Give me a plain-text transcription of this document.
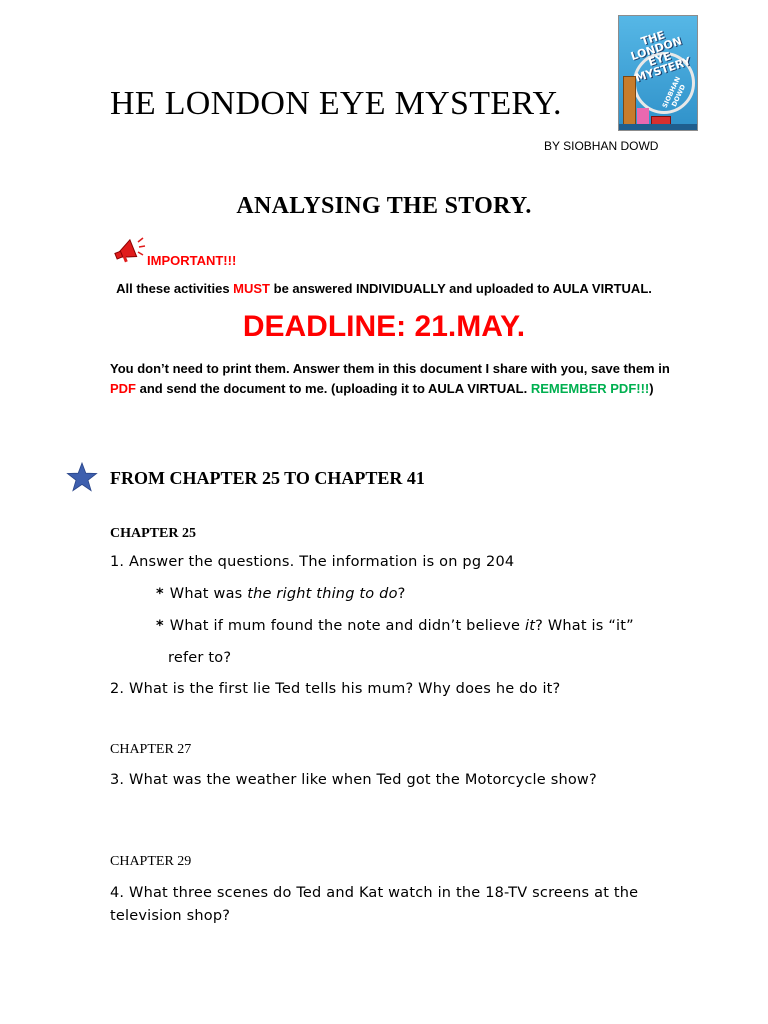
THE LONDON EYE MYSTERY
SIOBHAN DOWD
HE LONDON EYE MYSTERY.
BY SIOBHAN DOWD
ANALYSING THE STORY.
IMPORTANT!!!
All these activities MUST be answered INDIVIDUALLY and uploaded to AULA VIRTUAL.
DEADLINE: 21.MAY.
You don’t need to print them. Answer them in this document I share with you, save them in PDF and send the document to me. (uploading it to AULA VIRTUAL. REMEMBER PDF!!!)
FROM CHAPTER 25 TO CHAPTER 41
CHAPTER 25
1. Answer the questions. The information is on pg 204
* What was the right thing to do?
* What if mum found the note and didn’t believe it? What is “it”
refer to?
2. What is the first lie Ted tells his mum? Why does he do it?
CHAPTER 27
3. What was the weather like when Ted got the Motorcycle show?
CHAPTER 29
4. What three scenes do Ted and Kat watch in the 18-TV screens at the television shop?
